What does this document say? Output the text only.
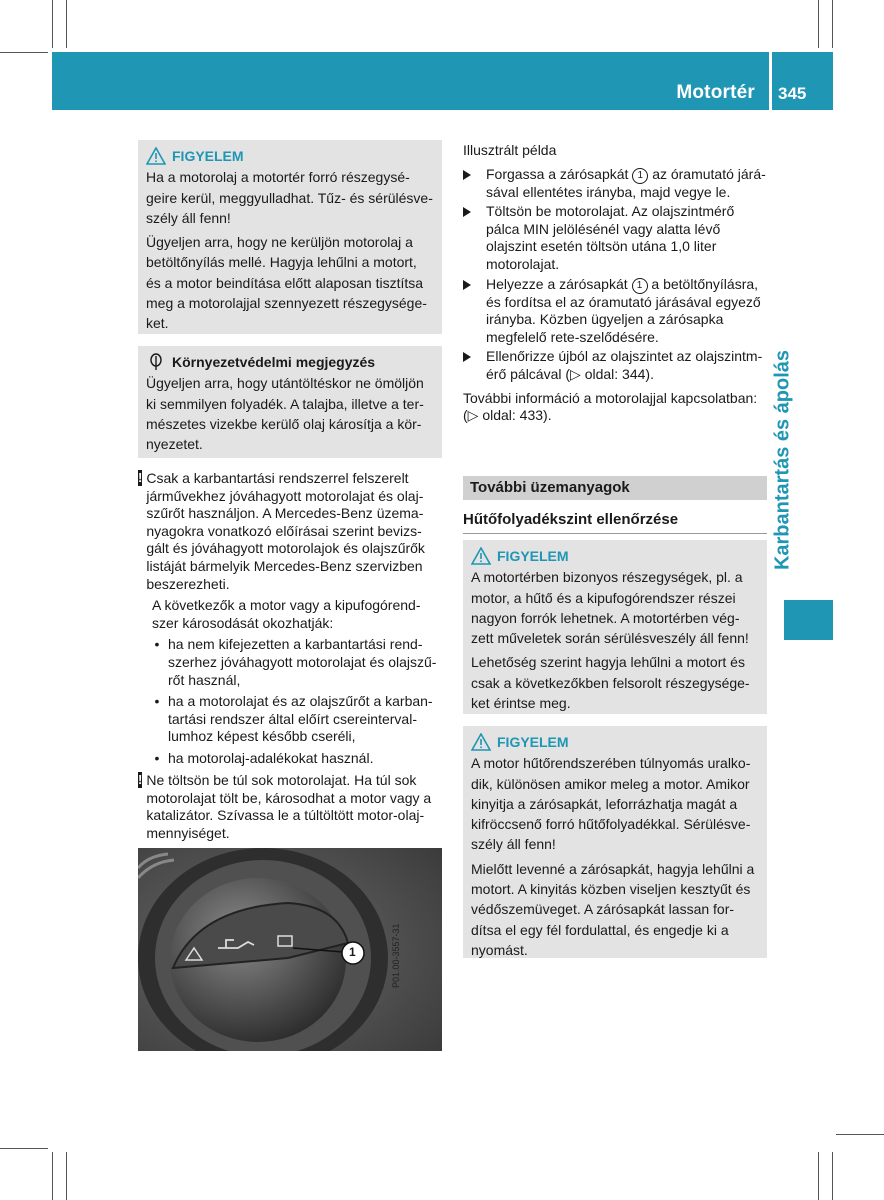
Motortér 345
Karbantartás és ápolás
FIGYELEM

Ha a motorolaj a motortér forró részegysé-geire kerül, meggyulladhat. Tűz- és sérülésve-szély áll fenn!

Ügyeljen arra, hogy ne kerüljön motorolaj a betöltőnyílás mellé. Hagyja lehűlni a motort, és a motor beindítása előtt alaposan tisztítsa meg a motorolajjal szennyezett részegysége-ket.

Környezetvédelmi megjegyzés

Ügyeljen arra, hogy utántöltéskor ne ömöljön ki semmilyen folyadék. A talajba, illetve a ter-mészetes vizekbe kerülő olaj károsítja a kör-nyezetet.

! Csak a karbantartási rendszerrel felszerelt járművekhez jóváhagyott motorolajat és olaj-szűrőt használjon. A Mercedes-Benz üzema-nyagokra vonatkozó előírásai szerint bevizs-gált és jóváhagyott motorolajok és olajszűrők listáját bármelyik Mercedes-Benz szervizben beszerezheti.

A következők a motor vagy a kipufogórend-szer károsodását okozhatják:

• ha nem kifejezetten a karbantartási rend-szerhez jóváhagyott motorolajat és olajszű-rőt használ,

• ha a motorolajat és az olajszűrőt a karban-tartási rendszer által előírt csereinterval-lumhoz képest később cseréli,

• ha motorolaj-adalékokat használ.

! Ne töltsön be túl sok motorolajat. Ha túl sok motorolajat tölt be, károsodhat a motor vagy a katalizátor. Szívassa le a túltöltött motor-olaj-mennyiséget.

1	P01.00-3557-31

Illusztrált példa

Forgassa a zárósapkát 1 az óramutató járá-sával ellentétes irányba, majd vegye le.

Töltsön be motorolajat. Az olajszintmérő pálca MIN jelölésénél vagy alatta lévő olajszint esetén töltsön utána 1,0 liter motorolajat.

Helyezze a zárósapkát 1 a betöltőnyílásra, és fordítsa el az óramutató járásával egyező irányba. Közben ügyeljen a zárósapka megfelelő rete-szelődésére.

Ellenőrizze újból az olajszintet az olajszintm-érő pálcával (▷ oldal: 344).

További információ a motorolajjal kapcsolatban: (▷ oldal: 433).

További üzemanyagok
Hűtőfolyadékszint ellenőrzése
FIGYELEM

A motortérben bizonyos részegységek, pl. a motor, a hűtő és a kipufogórendszer részei nagyon forrók lehetnek. A motortérben vég-zett műveletek során sérülésveszély áll fenn!

Lehetőség szerint hagyja lehűlni a motort és csak a következőkben felsorolt részegysége-ket érintse meg.

FIGYELEM

A motor hűtőrendszerében túlnyomás uralko-dik, különösen amikor meleg a motor. Amikor kinyitja a zárósapkát, leforrázhatja magát a kifröccsenő forró hűtőfolyadékkal. Sérülésve-szély áll fenn!

Mielőtt levenné a zárósapkát, hagyja lehűlni a motort. A kinyitás közben viseljen kesztyűt és védőszemüveget. A zárósapkát lassan for-dítsa el egy fél fordulattal, és engedje ki a nyomást.
